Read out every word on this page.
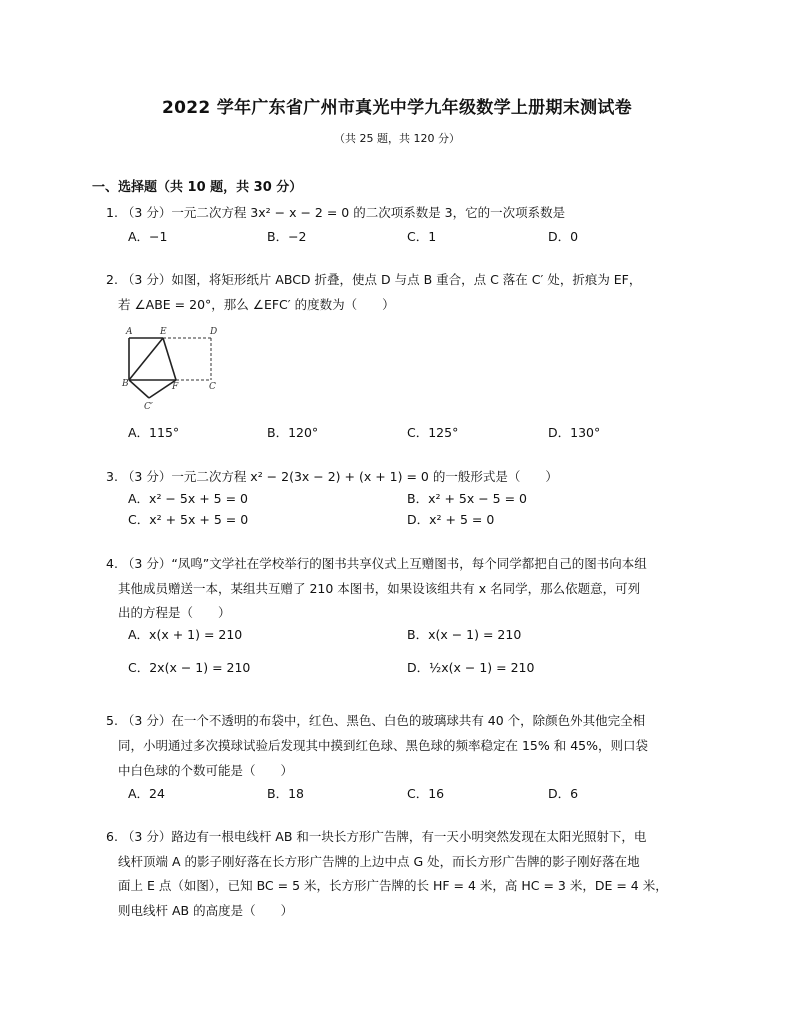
2022 学年广东省广州市真光中学九年级数学上册期末测试卷
（共 25 题，共 120 分）
一、选择题（共 10 题，共 30 分）
1. （3 分）一元二次方程 3x² − x − 2 = 0 的二次项系数是 3，它的一次项系数是
A．−1	B．−2	C．1	D．0
2. （3 分）如图，将矩形纸片 ABCD 折叠，使点 D 与点 B 重合，点 C 落在 C′ 处，折痕为 EF，
若 ∠ABE = 20°，那么 ∠EFC′ 的度数为（　　）
A	E	D
B	F	C
C′
A．115°	B．120°	C．125°	D．130°
3. （3 分）一元二次方程 x² − 2(3x − 2) + (x + 1) = 0 的一般形式是（　　）
A．x² − 5x + 5 = 0	B．x² + 5x − 5 = 0
C．x² + 5x + 5 = 0	D．x² + 5 = 0
4. （3 分）“凤鸣”文学社在学校举行的图书共享仪式上互赠图书，每个同学都把自己的图书向本组
其他成员赠送一本，某组共互赠了 210 本图书，如果设该组共有 x 名同学，那么依题意，可列
出的方程是（　　）
A．x(x + 1) = 210	B．x(x − 1) = 210
C．2x(x − 1) = 210	D．½x(x − 1) = 210
5. （3 分）在一个不透明的布袋中，红色、黑色、白色的玻璃球共有 40 个，除颜色外其他完全相
同，小明通过多次摸球试验后发现其中摸到红色球、黑色球的频率稳定在 15% 和 45%，则口袋
中白色球的个数可能是（　　）
A．24	B．18	C．16	D．6
6. （3 分）路边有一根电线杆 AB 和一块长方形广告牌，有一天小明突然发现在太阳光照射下，电
线杆顶端 A 的影子刚好落在长方形广告牌的上边中点 G 处，而长方形广告牌的影子刚好落在地
面上 E 点（如图），已知 BC = 5 米，长方形广告牌的长 HF = 4 米，高 HC = 3 米，DE = 4 米，
则电线杆 AB 的高度是（　　）
